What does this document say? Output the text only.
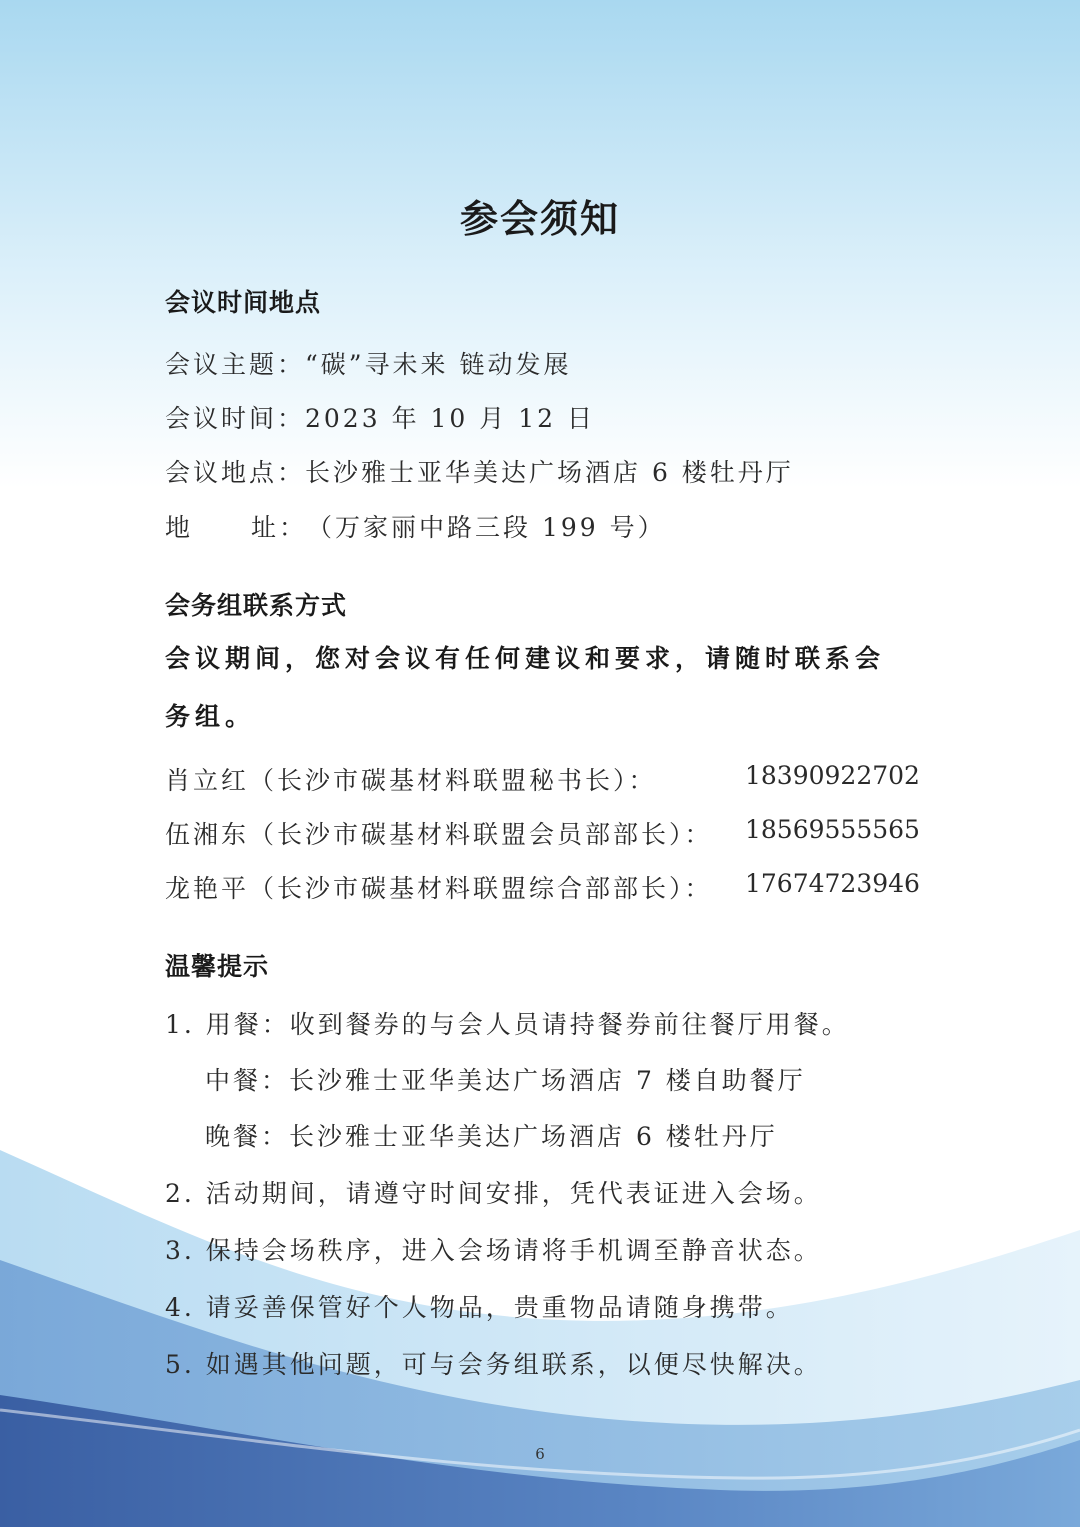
参会须知
会议时间地点
会议主题：“碳”寻未来 链动发展
会议时间：2023 年 10 月 12 日
会议地点：长沙雅士亚华美达广场酒店 6 楼牡丹厅
地 址：（万家丽中路三段 199 号）
会务组联系方式
会议期间，您对会议有任何建议和要求，请随时联系会务组。
肖立红（长沙市碳基材料联盟秘书长）：	18390922702
伍湘东（长沙市碳基材料联盟会员部部长）： 18569555565
龙艳平（长沙市碳基材料联盟综合部部长）： 17674723946
温馨提示
1. 用餐：收到餐券的与会人员请持餐券前往餐厅用餐。
中餐：长沙雅士亚华美达广场酒店 7 楼自助餐厅
晚餐：长沙雅士亚华美达广场酒店 6 楼牡丹厅
2. 活动期间，请遵守时间安排，凭代表证进入会场。
3. 保持会场秩序，进入会场请将手机调至静音状态。
4. 请妥善保管好个人物品，贵重物品请随身携带。
5. 如遇其他问题，可与会务组联系，以便尽快解决。
6
